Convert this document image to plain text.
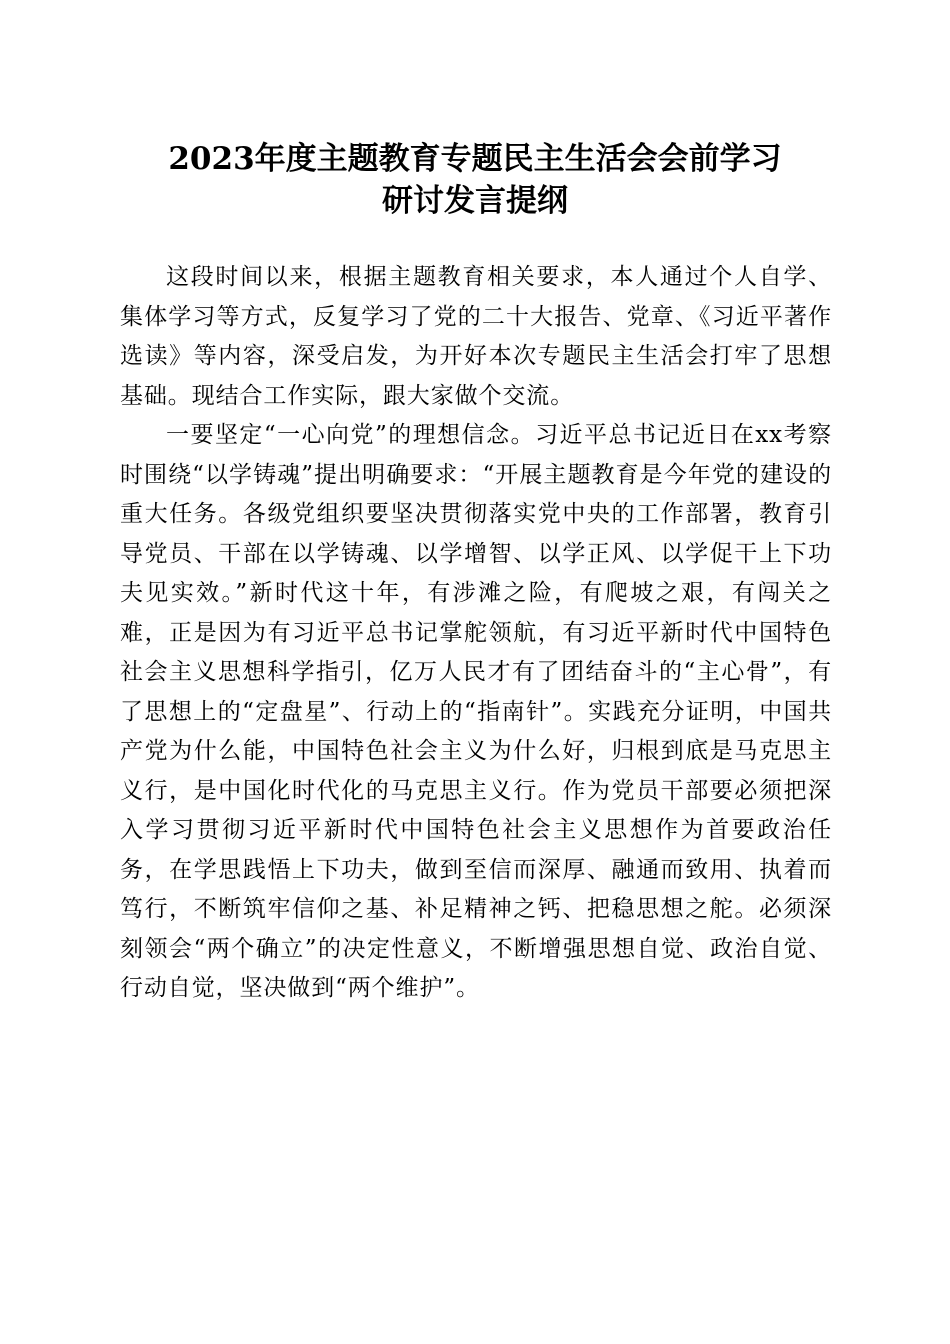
2023年度主题教育专题民主生活会会前学习
研讨发言提纲

这段时间以来，根据主题教育相关要求，本人通过个人自学、集体学习等方式，反复学习了党的二十大报告、党章、《习近平著作选读》等内容，深受启发，为开好本次专题民主生活会打牢了思想基础。现结合工作实际，跟大家做个交流。

一要坚定“一心向党”的理想信念。习近平总书记近日在xx考察时围绕“以学铸魂”提出明确要求：“开展主题教育是今年党的建设的重大任务。各级党组织要坚决贯彻落实党中央的工作部署，教育引导党员、干部在以学铸魂、以学增智、以学正风、以学促干上下功夫见实效。”新时代这十年，有涉滩之险，有爬坡之艰，有闯关之难，正是因为有习近平总书记掌舵领航，有习近平新时代中国特色社会主义思想科学指引，亿万人民才有了团结奋斗的“主心骨”，有了思想上的“定盘星”、行动上的“指南针”。实践充分证明，中国共产党为什么能，中国特色社会主义为什么好，归根到底是马克思主义行，是中国化时代化的马克思主义行。作为党员干部要必须把深入学习贯彻习近平新时代中国特色社会主义思想作为首要政治任务，在学思践悟上下功夫，做到至信而深厚、融通而致用、执着而笃行，不断筑牢信仰之基、补足精神之钙、把稳思想之舵。必须深刻领会“两个确立”的决定性意义，不断增强思想自觉、政治自觉、行动自觉，坚决做到“两个维护”。
